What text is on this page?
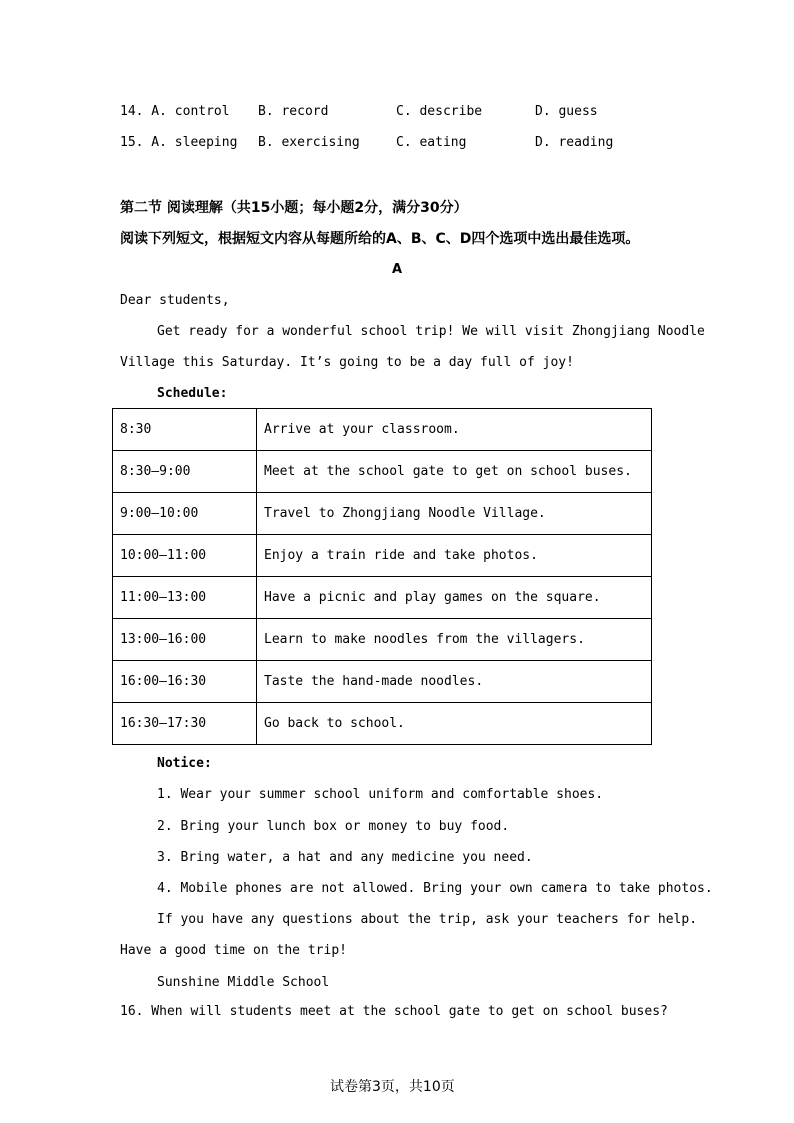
14. A. control B. record	C. describe	D. guess
15. A. sleeping B. exercising	C. eating	D. reading
第二节 阅读理解（共15小题；每小题2分，满分30分）
阅读下列短文，根据短文内容从每题所给的A、B、C、D四个选项中选出最佳选项。
A
Dear students,
Get ready for a wonderful school trip! We will visit Zhongjiang Noodle
Village this Saturday. It’s going to be a day full of joy!
Schedule:
8:30	Arrive at your classroom.
8:30—9:00	Meet at the school gate to get on school buses.
9:00—10:00	Travel to Zhongjiang Noodle Village.
10:00—11:00	Enjoy a train ride and take photos.
11:00—13:00	Have a picnic and play games on the square.
13:00—16:00	Learn to make noodles from the villagers.
16:00—16:30	Taste the hand-made noodles.
16:30—17:30	Go back to school.
Notice:
1. Wear your summer school uniform and comfortable shoes.
2. Bring your lunch box or money to buy food.
3. Bring water, a hat and any medicine you need.
4. Mobile phones are not allowed. Bring your own camera to take photos.
If you have any questions about the trip, ask your teachers for help.
Have a good time on the trip!
Sunshine Middle School
16. When will students meet at the school gate to get on school buses?
试卷第3页，共10页
